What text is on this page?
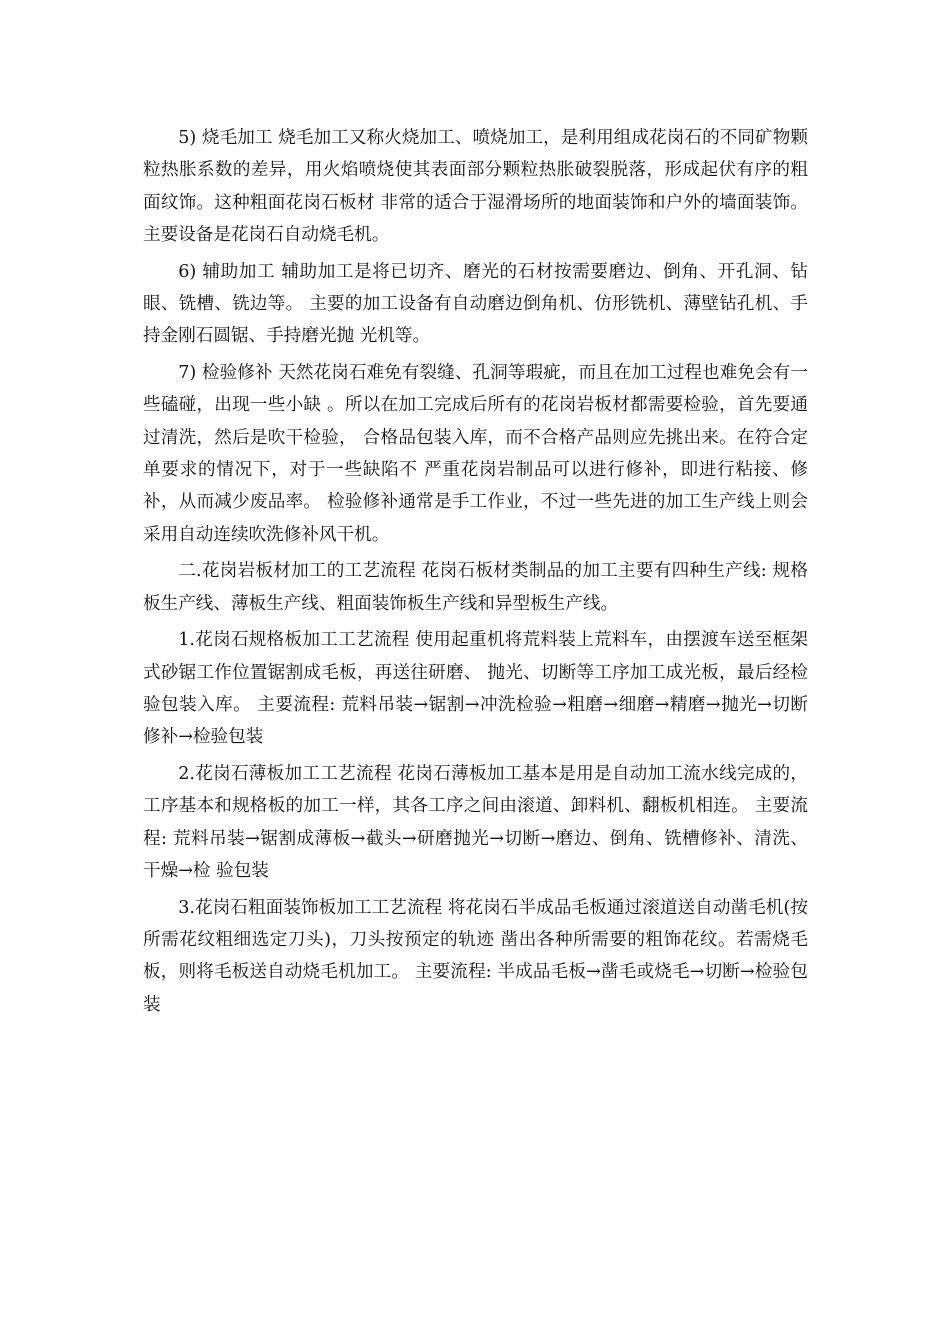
5) 烧毛加工 烧毛加工又称火烧加工、喷烧加工，是利用组成花岗石的不同矿物颗粒热胀系数的差异，用火焰喷烧使其表面部分颗粒热胀破裂脱落，形成起伏有序的粗面纹饰。这种粗面花岗石板材 非常的适合于湿滑场所的地面装饰和户外的墙面装饰。 主要设备是花岗石自动烧毛机。

6) 辅助加工 辅助加工是将已切齐、磨光的石材按需要磨边、倒角、开孔洞、钻眼、铣槽、铣边等。 主要的加工设备有自动磨边倒角机、仿形铣机、薄壁钻孔机、手持金刚石圆锯、手持磨光抛 光机等。

7) 检验修补 天然花岗石难免有裂缝、孔洞等瑕疵，而且在加工过程也难免会有一些磕碰，出现一些小缺 。所以在加工完成后所有的花岗岩板材都需要检验，首先要通过清洗，然后是吹干检验， 合格品包装入库，而不合格产品则应先挑出来。在符合定单要求的情况下，对于一些缺陷不 严重花岗岩制品可以进行修补，即进行粘接、修补，从而减少废品率。 检验修补通常是手工作业，不过一些先进的加工生产线上则会采用自动连续吹洗修补风干机。

二.花岗岩板材加工的工艺流程 花岗石板材类制品的加工主要有四种生产线: 规格板生产线、薄板生产线、粗面装饰板生产线和异型板生产线。

1.花岗石规格板加工工艺流程 使用起重机将荒料装上荒料车，由摆渡车送至框架式砂锯工作位置锯割成毛板，再送往研磨、 抛光、切断等工序加工成光板，最后经检验包装入库。 主要流程: 荒料吊装→锯割→冲洗检验→粗磨→细磨→精磨→抛光→切断修补→检验包装

2.花岗石薄板加工工艺流程 花岗石薄板加工基本是用是自动加工流水线完成的，工序基本和规格板的加工一样，其各工序之间由滚道、卸料机、翻板机相连。 主要流程: 荒料吊装→锯割成薄板→截头→研磨抛光→切断→磨边、倒角、铣槽修补、清洗、干燥→检 验包装

3.花岗石粗面装饰板加工工艺流程 将花岗石半成品毛板通过滚道送自动凿毛机(按所需花纹粗细选定刀头)，刀头按预定的轨迹 凿出各种所需要的粗饰花纹。若需烧毛板，则将毛板送自动烧毛机加工。 主要流程: 半成品毛板→凿毛或烧毛→切断→检验包装
